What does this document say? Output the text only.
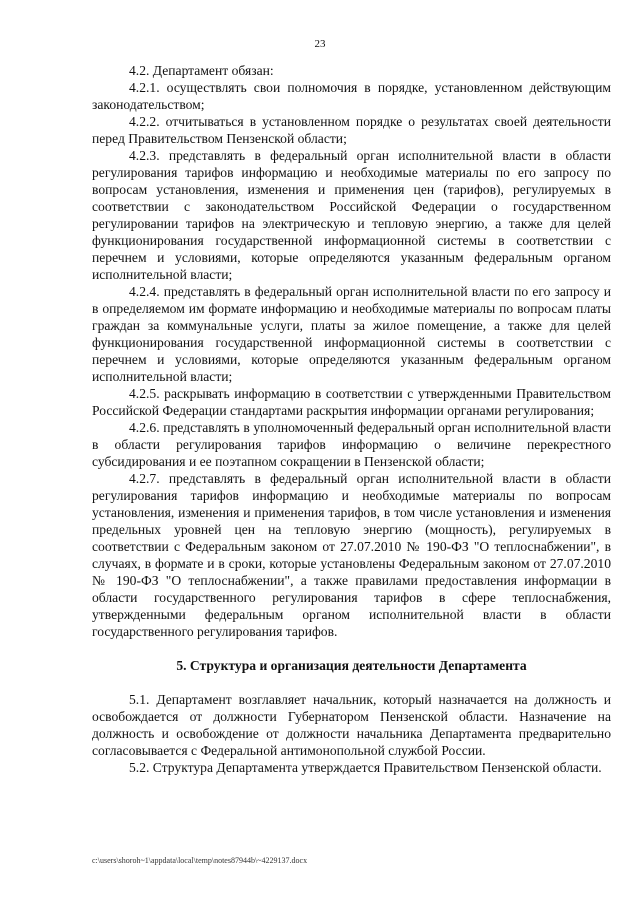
23

4.2. Департамент обязан:

4.2.1. осуществлять свои полномочия в порядке, установленном действующим законодательством;

4.2.2. отчитываться в установленном порядке о результатах своей деятельности перед Правительством Пензенской области;

4.2.3. представлять в федеральный орган исполнительной власти в области регулирования тарифов информацию и необходимые материалы по его запросу по вопросам установления, изменения и применения цен (тарифов), регулируемых в соответствии с законодательством Российской Федерации о государственном регулировании тарифов на электрическую и тепловую энергию, а также для целей функционирования государственной информационной системы в соответствии с перечнем и условиями, которые определяются указанным федеральным органом исполнительной власти;

4.2.4. представлять в федеральный орган исполнительной власти по его запросу и в определяемом им формате информацию и необходимые материалы по вопросам платы граждан за коммунальные услуги, платы за жилое помещение, а также для целей функционирования государственной информационной системы в соответствии с перечнем и условиями, которые определяются указанным федеральным органом исполнительной власти;

4.2.5. раскрывать информацию в соответствии с утвержденными Правительством Российской Федерации стандартами раскрытия информации органами регулирования;

4.2.6. представлять в уполномоченный федеральный орган исполнительной власти в области регулирования тарифов информацию о величине перекрестного субсидирования и ее поэтапном сокращении в Пензенской области;

4.2.7. представлять в федеральный орган исполнительной власти в области регулирования тарифов информацию и необходимые материалы по вопросам установления, изменения и применения тарифов, в том числе установления и изменения предельных уровней цен на тепловую энергию (мощность), регулируемых в соответствии с Федеральным законом от 27.07.2010 № 190-ФЗ "О теплоснабжении", в случаях, в формате и в сроки, которые установлены Федеральным законом от 27.07.2010 № 190-ФЗ "О теплоснабжении", а также правилами предоставления информации в области государственного регулирования тарифов в сфере теплоснабжения, утвержденными федеральным органом исполнительной власти в области государственного регулирования тарифов.

5. Структура и организация деятельности Департамента

5.1. Департамент возглавляет начальник, который назначается на должность и освобождается от должности Губернатором Пензенской области. Назначение на должность и освобождение от должности начальника Департамента предварительно согласовывается с Федеральной антимонопольной службой России.

5.2. Структура Департамента утверждается Правительством Пензенской области.

c:\users\shoroh~1\appdata\local\temp\notes87944b\~4229137.docx
